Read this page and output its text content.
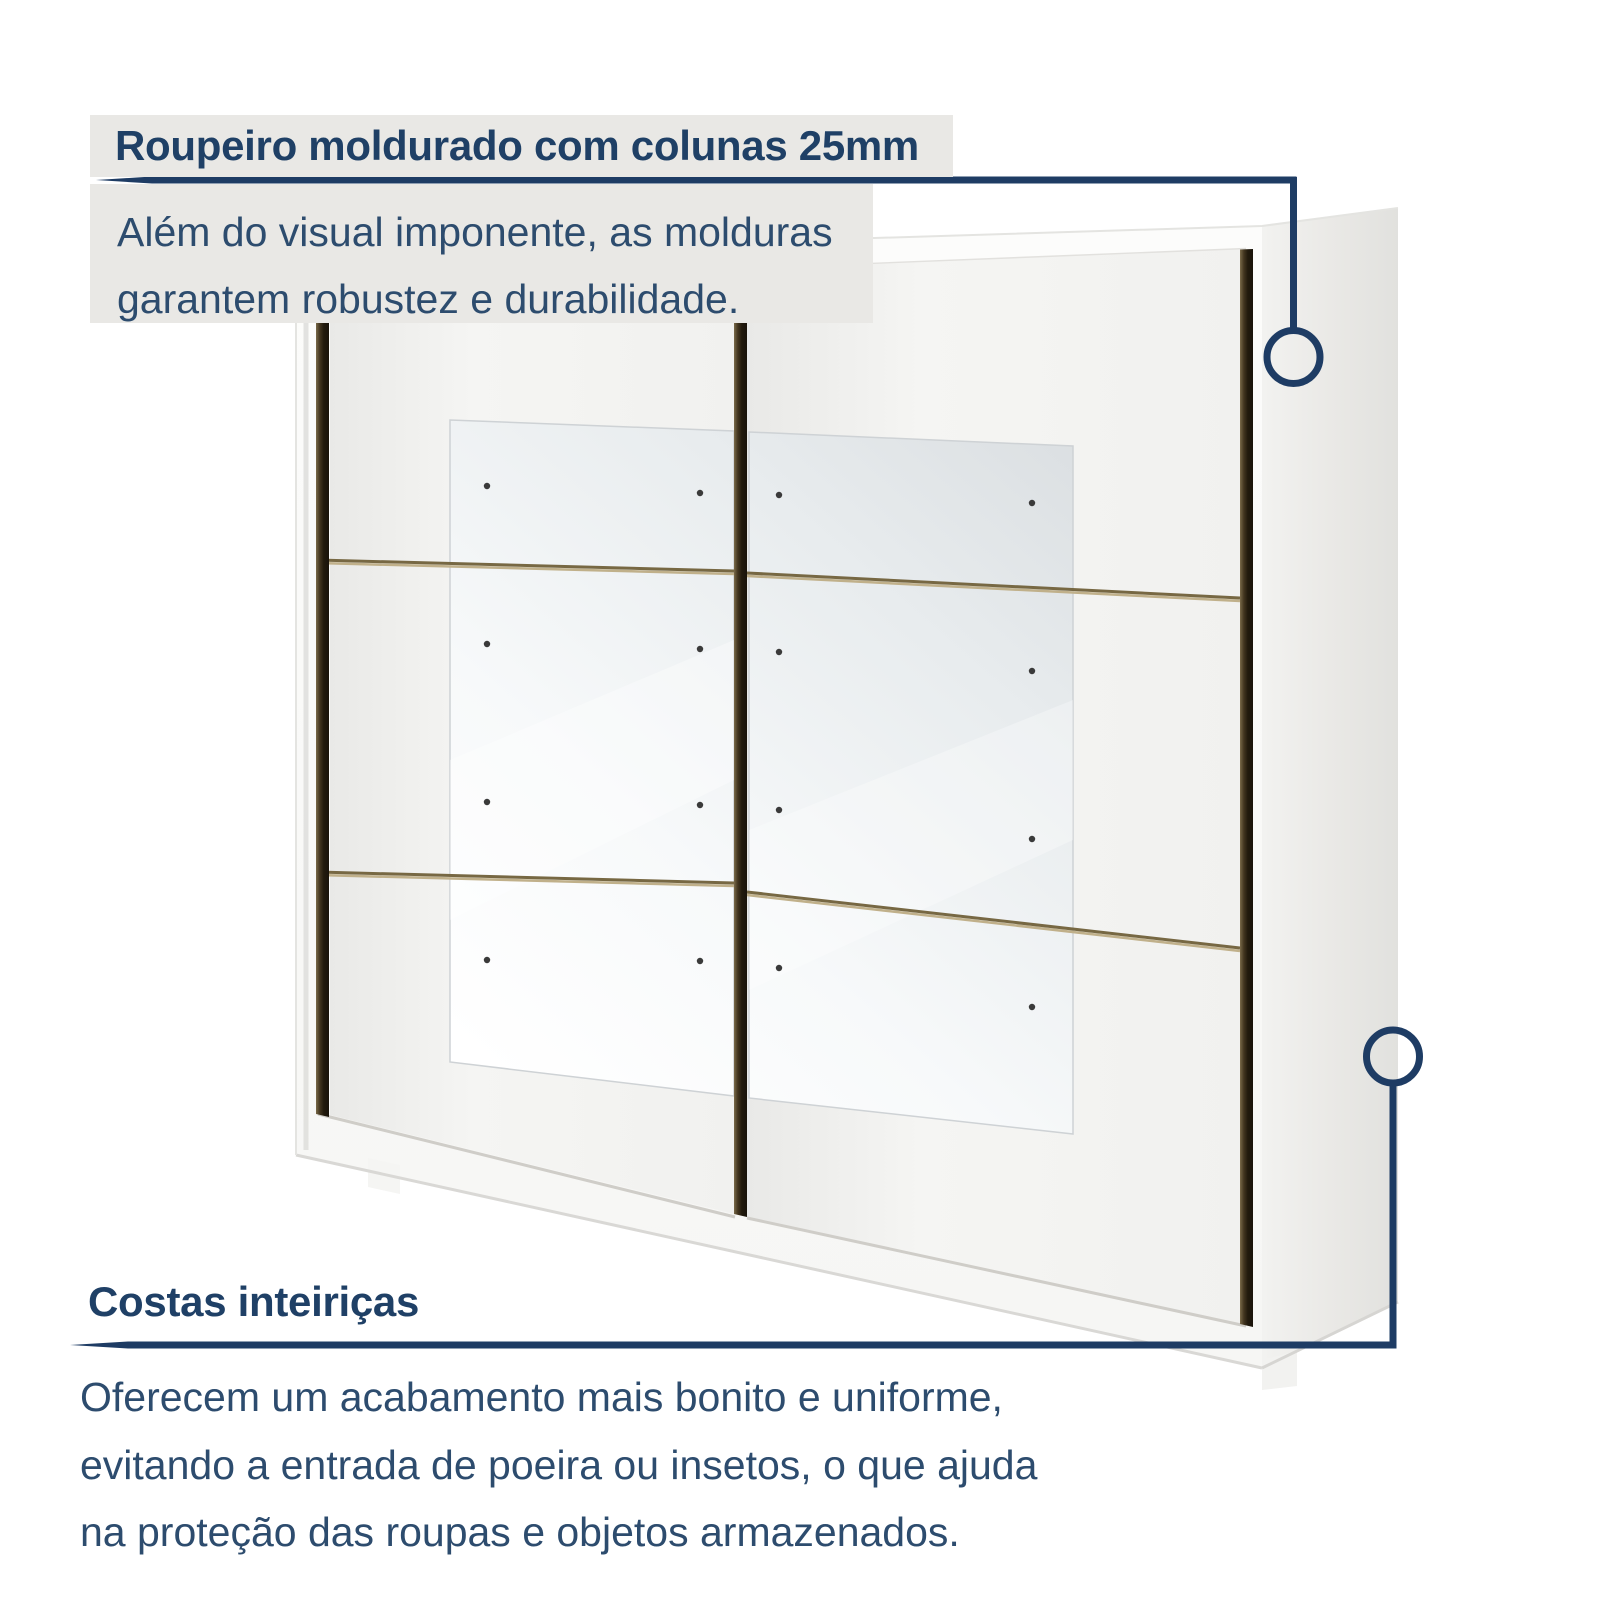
Roupeiro moldurado com colunas 25mm
Além do visual imponente, as molduras
garantem robustez e durabilidade.
Costas inteiriças
Oferecem um acabamento mais bonito e uniforme,
evitando a entrada de poeira ou insetos, o que ajuda
na proteção das roupas e objetos armazenados.
